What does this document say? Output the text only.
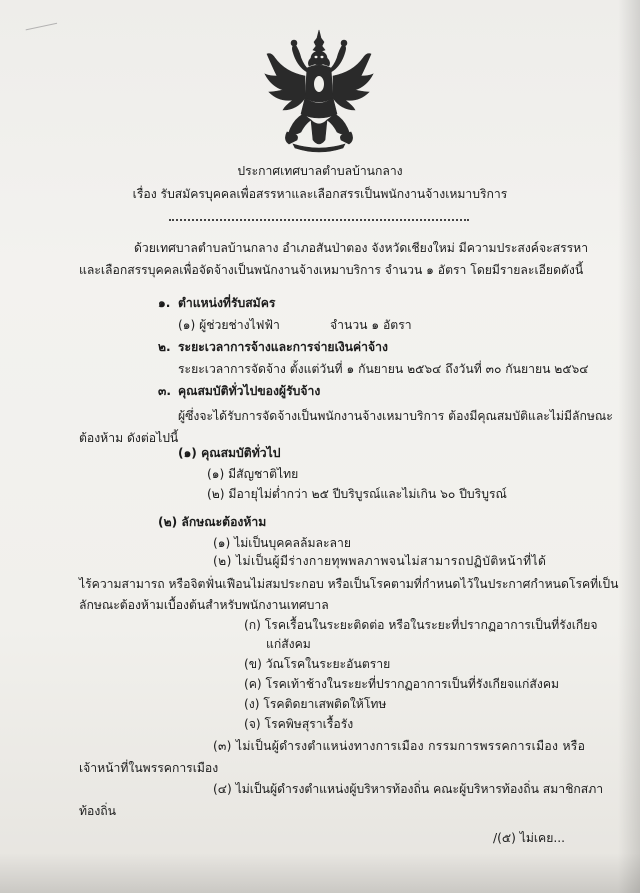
ประกาศเทศบาลตำบลบ้านกลาง
เรื่อง รับสมัครบุคคลเพื่อสรรหาและเลือกสรรเป็นพนักงานจ้างเหมาบริการ
ด้วยเทศบาลตำบลบ้านกลาง อำเภอสันป่าตอง จังหวัดเชียงใหม่ มีความประสงค์จะสรรหา
และเลือกสรรบุคคลเพื่อจัดจ้างเป็นพนักงานจ้างเหมาบริการ จำนวน ๑ อัตรา โดยมีรายละเอียดดังนี้
๑. ตำแหน่งที่รับสมัคร
(๑) ผู้ช่วยช่างไฟฟ้า	จำนวน ๑ อัตรา
๒. ระยะเวลาการจ้างและการจ่ายเงินค่าจ้าง
ระยะเวลาการจัดจ้าง ตั้งแต่วันที่ ๑ กันยายน ๒๕๖๔ ถึงวันที่ ๓๐ กันยายน ๒๕๖๔
๓. คุณสมบัติทั่วไปของผู้รับจ้าง
ผู้ซึ่งจะได้รับการจัดจ้างเป็นพนักงานจ้างเหมาบริการ ต้องมีคุณสมบัติและไม่มีลักษณะ
ต้องห้าม ดังต่อไปนี้
(๑) คุณสมบัติทั่วไป
(๑) มีสัญชาติไทย
(๒) มีอายุไม่ต่ำกว่า ๒๕ ปีบริบูรณ์และไม่เกิน ๖๐ ปีบริบูรณ์
(๒) ลักษณะต้องห้าม
(๑) ไม่เป็นบุคคลล้มละลาย
(๒) ไม่เป็นผู้มีร่างกายทุพพลภาพจนไม่สามารถปฏิบัติหน้าที่ได้
ไร้ความสามารถ หรือจิตฟั่นเฟือนไม่สมประกอบ หรือเป็นโรคตามที่กำหนดไว้ในประกาศกำหนดโรคที่เป็น
ลักษณะต้องห้ามเบื้องต้นสำหรับพนักงานเทศบาล
(ก) โรคเรื้อนในระยะติดต่อ หรือในระยะที่ปรากฏอาการเป็นที่รังเกียจ
แก่สังคม
(ข) วัณโรคในระยะอันตราย
(ค) โรคเท้าช้างในระยะที่ปรากฏอาการเป็นที่รังเกียจแก่สังคม
(ง) โรคติดยาเสพติดให้โทษ
(จ) โรคพิษสุราเรื้อรัง
(๓) ไม่เป็นผู้ดำรงตำแหน่งทางการเมือง กรรมการพรรคการเมือง หรือ
เจ้าหน้าที่ในพรรคการเมือง
(๔) ไม่เป็นผู้ดำรงตำแหน่งผู้บริหารท้องถิ่น คณะผู้บริหารท้องถิ่น สมาชิกสภา
ท้องถิ่น
/(๕) ไม่เคย...
